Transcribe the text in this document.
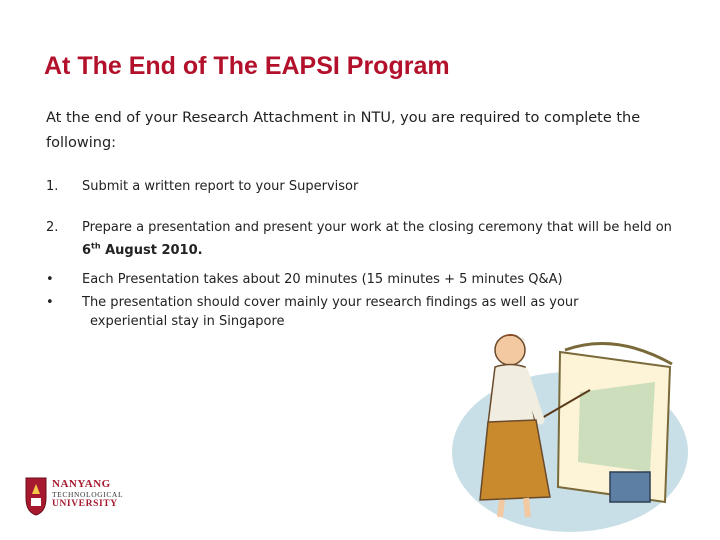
At The End of The EAPSI Program

At the end of your Research Attachment in NTU, you are required to complete the following:

1. Submit a written report to your Supervisor
2. Prepare a presentation and present your work at the closing ceremony that will be held on
6th August 2010.
• Each Presentation takes about 20 minutes (15 minutes + 5 minutes Q&A)
• The presentation should cover mainly your research findings as well as your
experiential stay in Singapore
NANYANG
TECHNOLOGICAL
UNIVERSITY
